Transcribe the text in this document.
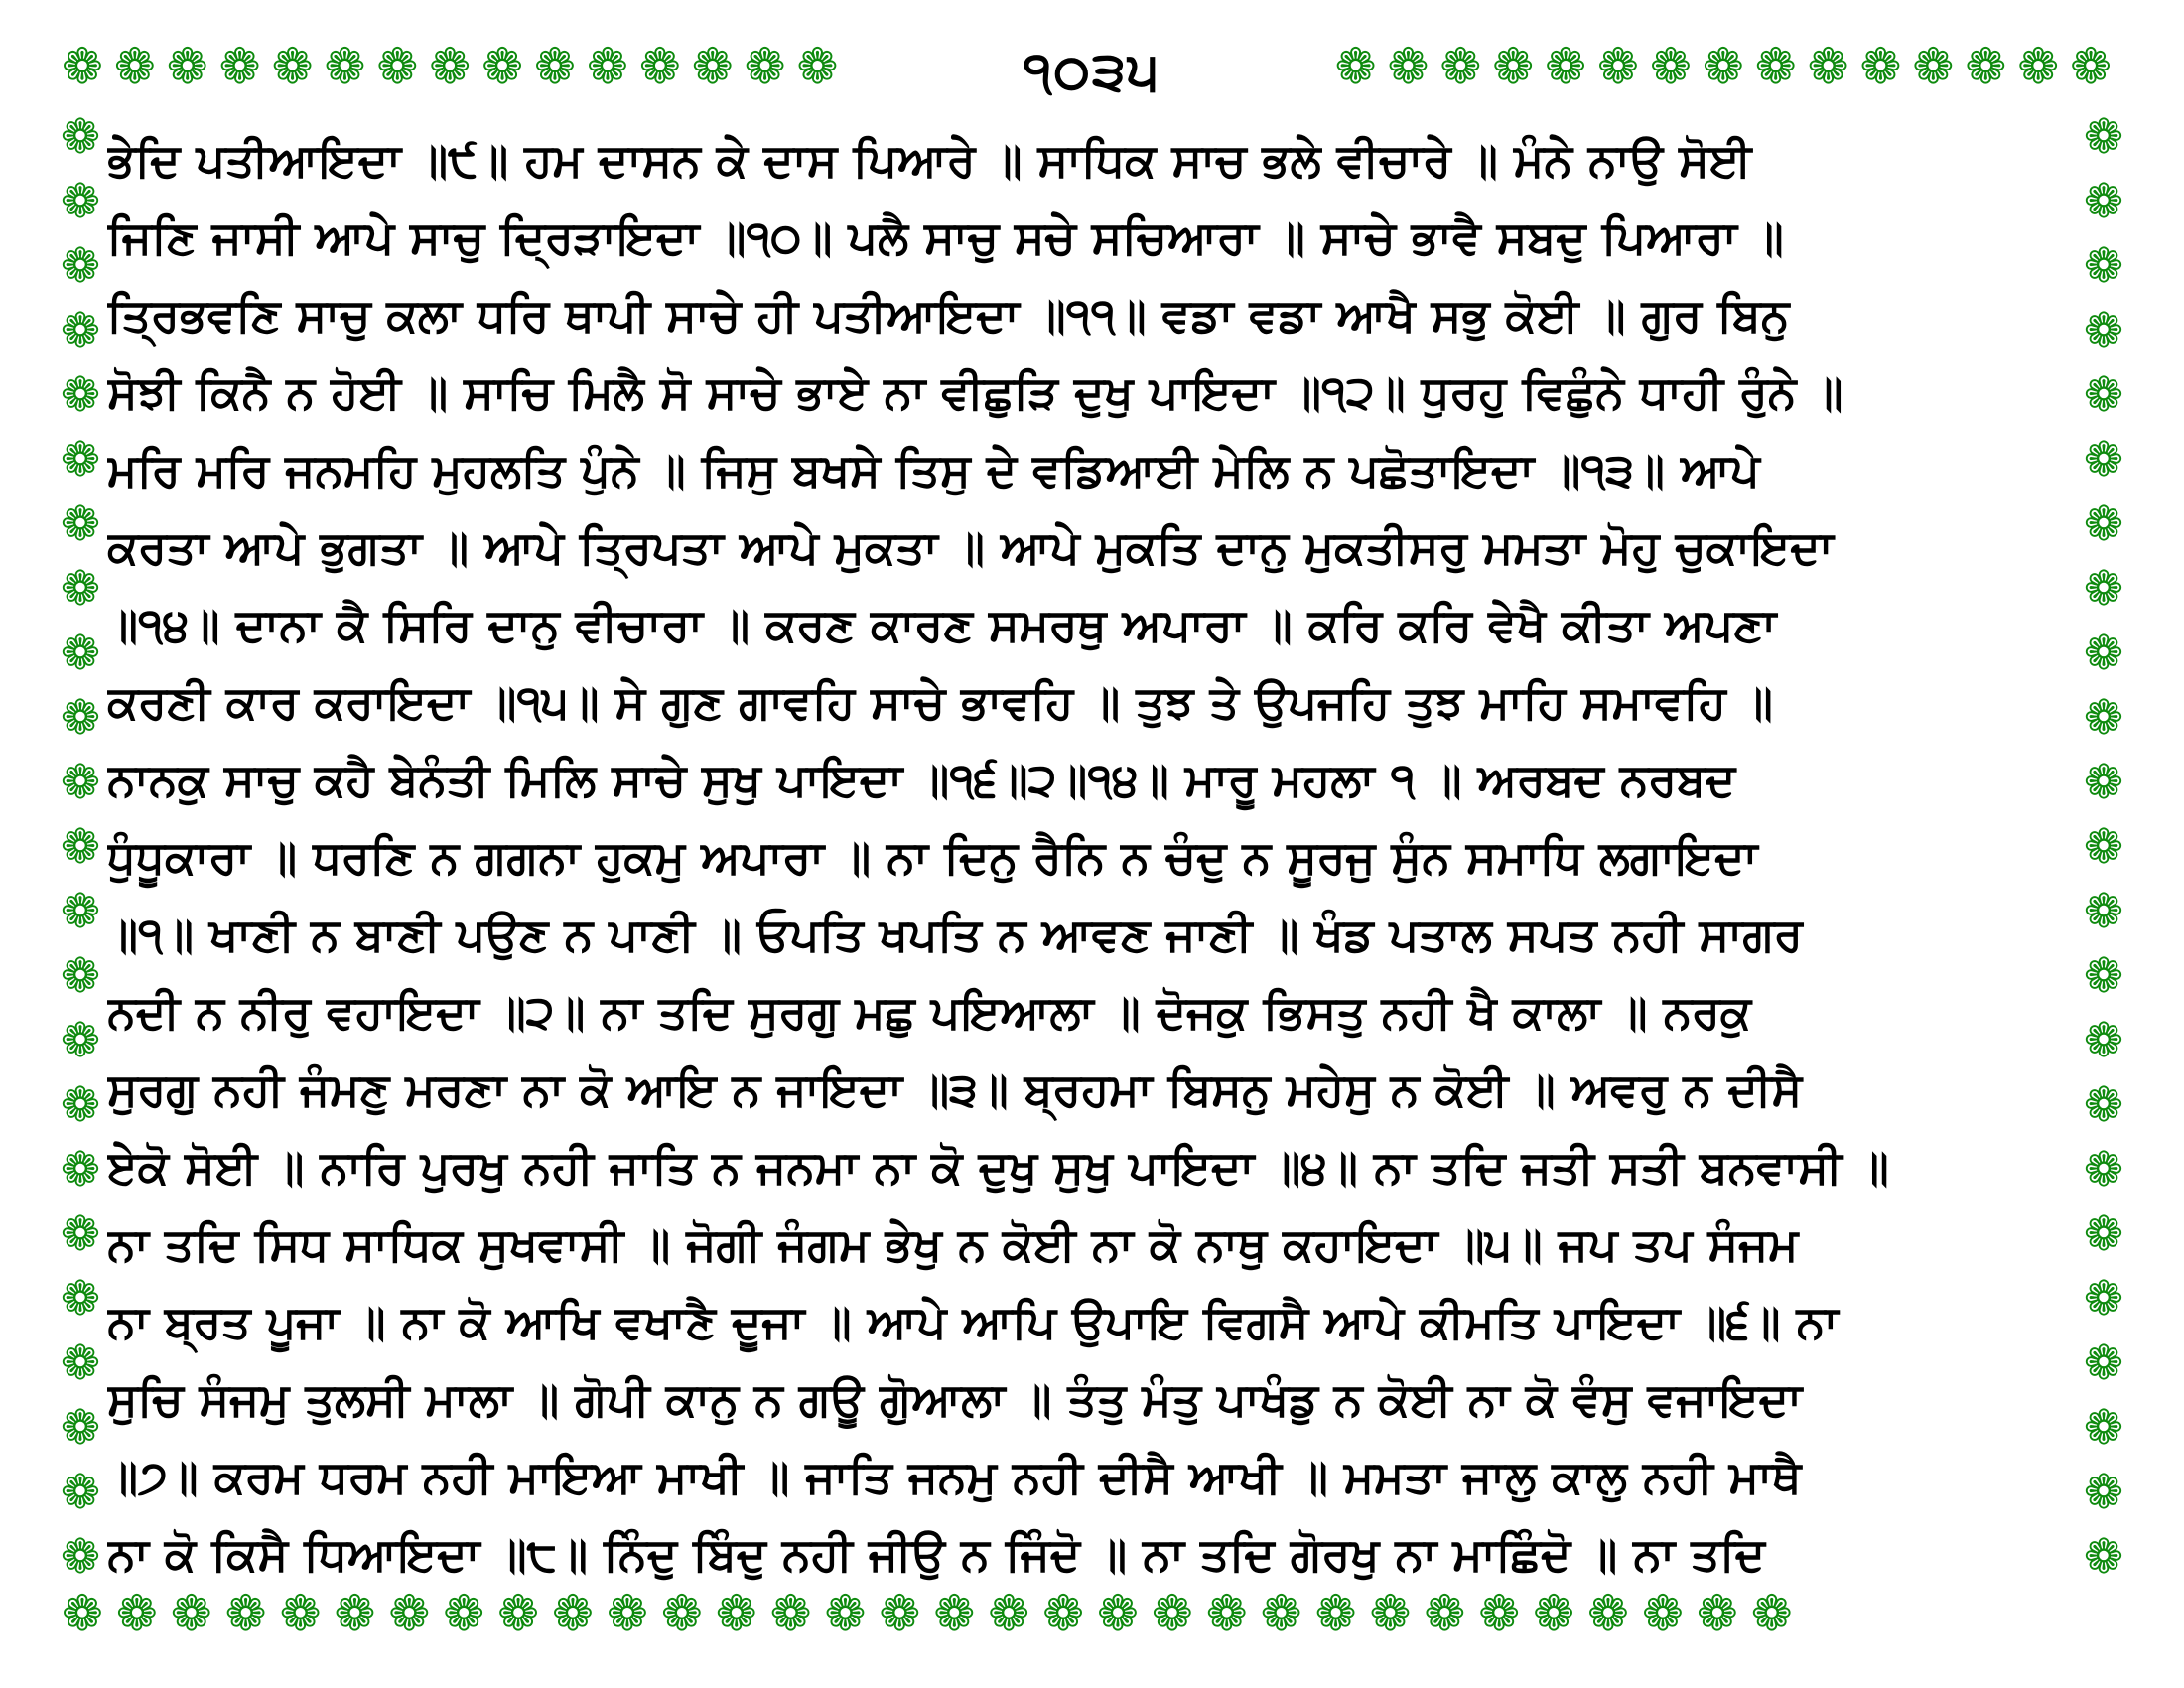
❁❁❁❁❁❁❁❁❁❁❁❁❁❁❁	੧੦੩੫	❁❁❁❁❁❁❁❁❁❁❁❁❁❁❁
❁❁❁❁❁❁❁❁❁❁❁❁❁❁❁❁❁❁❁❁❁❁❁
❁❁❁❁❁❁❁❁❁❁❁❁❁❁❁❁❁❁❁❁❁❁❁
❁❁❁❁❁❁❁❁❁❁❁❁❁❁❁❁❁❁❁❁❁❁❁❁❁❁❁❁❁❁❁❁
ਭੇਦਿ ਪਤੀਆਇਦਾ ॥੯॥ ਹਮ ਦਾਸਨ ਕੇ ਦਾਸ ਪਿਆਰੇ ॥ ਸਾਧਿਕ ਸਾਚ ਭਲੇ ਵੀਚਾਰੇ ॥ ਮੰਨੇ ਨਾਉ ਸੋਈ
ਜਿਣਿ ਜਾਸੀ ਆਪੇ ਸਾਚੁ ਦ੍ਰਿੜਾਇਦਾ ॥੧੦॥ ਪਲੈ ਸਾਚੁ ਸਚੇ ਸਚਿਆਰਾ ॥ ਸਾਚੇ ਭਾਵੈ ਸਬਦੁ ਪਿਆਰਾ ॥
ਤ੍ਰਿਭਵਣਿ ਸਾਚੁ ਕਲਾ ਧਰਿ ਥਾਪੀ ਸਾਚੇ ਹੀ ਪਤੀਆਇਦਾ ॥੧੧॥ ਵਡਾ ਵਡਾ ਆਖੈ ਸਭੁ ਕੋਈ ॥ ਗੁਰ ਬਿਨੁ
ਸੋਝੀ ਕਿਨੈ ਨ ਹੋਈ ॥ ਸਾਚਿ ਮਿਲੈ ਸੋ ਸਾਚੇ ਭਾਏ ਨਾ ਵੀਛੁੜਿ ਦੁਖੁ ਪਾਇਦਾ ॥੧੨॥ ਧੁਰਹੁ ਵਿਛੁੰਨੇ ਧਾਹੀ ਰੁੰਨੇ ॥
ਮਰਿ ਮਰਿ ਜਨਮਹਿ ਮੁਹਲਤਿ ਪੁੰਨੇ ॥ ਜਿਸੁ ਬਖਸੇ ਤਿਸੁ ਦੇ ਵਡਿਆਈ ਮੇਲਿ ਨ ਪਛੋਤਾਇਦਾ ॥੧੩॥ ਆਪੇ
ਕਰਤਾ ਆਪੇ ਭੁਗਤਾ ॥ ਆਪੇ ਤ੍ਰਿਪਤਾ ਆਪੇ ਮੁਕਤਾ ॥ ਆਪੇ ਮੁਕਤਿ ਦਾਨੁ ਮੁਕਤੀਸਰੁ ਮਮਤਾ ਮੋਹੁ ਚੁਕਾਇਦਾ
॥੧੪॥ ਦਾਨਾ ਕੈ ਸਿਰਿ ਦਾਨੁ ਵੀਚਾਰਾ ॥ ਕਰਣ ਕਾਰਣ ਸਮਰਥੁ ਅਪਾਰਾ ॥ ਕਰਿ ਕਰਿ ਵੇਖੈ ਕੀਤਾ ਅਪਣਾ
ਕਰਣੀ ਕਾਰ ਕਰਾਇਦਾ ॥੧੫॥ ਸੇ ਗੁਣ ਗਾਵਹਿ ਸਾਚੇ ਭਾਵਹਿ ॥ ਤੁਝ ਤੇ ਉਪਜਹਿ ਤੁਝ ਮਾਹਿ ਸਮਾਵਹਿ ॥
ਨਾਨਕੁ ਸਾਚੁ ਕਹੈ ਬੇਨੰਤੀ ਮਿਲਿ ਸਾਚੇ ਸੁਖੁ ਪਾਇਦਾ ॥੧੬॥੨॥੧੪॥ ਮਾਰੂ ਮਹਲਾ ੧ ॥ ਅਰਬਦ ਨਰਬਦ
ਧੁੰਧੂਕਾਰਾ ॥ ਧਰਣਿ ਨ ਗਗਨਾ ਹੁਕਮੁ ਅਪਾਰਾ ॥ ਨਾ ਦਿਨੁ ਰੈਨਿ ਨ ਚੰਦੁ ਨ ਸੂਰਜੁ ਸੁੰਨ ਸਮਾਧਿ ਲਗਾਇਦਾ
॥੧॥ ਖਾਣੀ ਨ ਬਾਣੀ ਪਉਣ ਨ ਪਾਣੀ ॥ ਓਪਤਿ ਖਪਤਿ ਨ ਆਵਣ ਜਾਣੀ ॥ ਖੰਡ ਪਤਾਲ ਸਪਤ ਨਹੀ ਸਾਗਰ
ਨਦੀ ਨ ਨੀਰੁ ਵਹਾਇਦਾ ॥੨॥ ਨਾ ਤਦਿ ਸੁਰਗੁ ਮਛੁ ਪਇਆਲਾ ॥ ਦੋਜਕੁ ਭਿਸਤੁ ਨਹੀ ਖੈ ਕਾਲਾ ॥ ਨਰਕੁ
ਸੁਰਗੁ ਨਹੀ ਜੰਮਣੁ ਮਰਣਾ ਨਾ ਕੋ ਆਇ ਨ ਜਾਇਦਾ ॥੩॥ ਬ੍ਰਹਮਾ ਬਿਸਨੁ ਮਹੇਸੁ ਨ ਕੋਈ ॥ ਅਵਰੁ ਨ ਦੀਸੈ
ਏਕੋ ਸੋਈ ॥ ਨਾਰਿ ਪੁਰਖੁ ਨਹੀ ਜਾਤਿ ਨ ਜਨਮਾ ਨਾ ਕੋ ਦੁਖੁ ਸੁਖੁ ਪਾਇਦਾ ॥੪॥ ਨਾ ਤਦਿ ਜਤੀ ਸਤੀ ਬਨਵਾਸੀ ॥
ਨਾ ਤਦਿ ਸਿਧ ਸਾਧਿਕ ਸੁਖਵਾਸੀ ॥ ਜੋਗੀ ਜੰਗਮ ਭੇਖੁ ਨ ਕੋਈ ਨਾ ਕੋ ਨਾਥੁ ਕਹਾਇਦਾ ॥੫॥ ਜਪ ਤਪ ਸੰਜਮ
ਨਾ ਬ੍ਰਤ ਪੂਜਾ ॥ ਨਾ ਕੋ ਆਖਿ ਵਖਾਣੈ ਦੂਜਾ ॥ ਆਪੇ ਆਪਿ ਉਪਾਇ ਵਿਗਸੈ ਆਪੇ ਕੀਮਤਿ ਪਾਇਦਾ ॥੬॥ ਨਾ
ਸੁਚਿ ਸੰਜਮੁ ਤੁਲਸੀ ਮਾਲਾ ॥ ਗੋਪੀ ਕਾਨੁ ਨ ਗਊ ਗੁੋਆਲਾ ॥ ਤੰਤੁ ਮੰਤੁ ਪਾਖੰਡੁ ਨ ਕੋਈ ਨਾ ਕੋ ਵੰਸੁ ਵਜਾਇਦਾ
॥੭॥ ਕਰਮ ਧਰਮ ਨਹੀ ਮਾਇਆ ਮਾਖੀ ॥ ਜਾਤਿ ਜਨਮੁ ਨਹੀ ਦੀਸੈ ਆਖੀ ॥ ਮਮਤਾ ਜਾਲੁ ਕਾਲੁ ਨਹੀ ਮਾਥੈ
ਨਾ ਕੋ ਕਿਸੈ ਧਿਆਇਦਾ ॥੮॥ ਨਿੰਦੁ ਬਿੰਦੁ ਨਹੀ ਜੀਉ ਨ ਜਿੰਦੋ ॥ ਨਾ ਤਦਿ ਗੋਰਖੁ ਨਾ ਮਾਛਿੰਦੋ ॥ ਨਾ ਤਦਿ
